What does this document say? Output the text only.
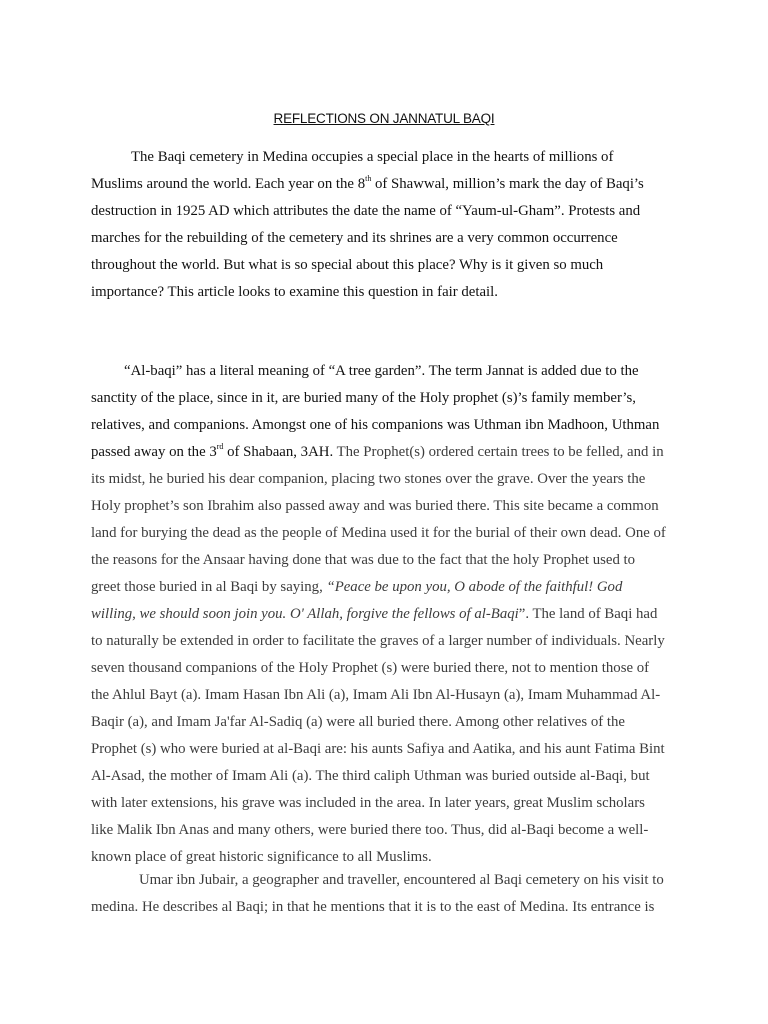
REFLECTIONS ON JANNATUL BAQI
The Baqi cemetery in Medina occupies a special place in the hearts of millions of
Muslims around the world. Each year on the 8th of Shawwal, million’s mark the day of Baqi’s
destruction in 1925 AD which attributes the date the name of “Yaum-ul-Gham”. Protests and
marches for the rebuilding of the cemetery and its shrines are a very common occurrence
throughout the world. But what is so special about this place? Why is it given so much
importance? This article looks to examine this question in fair detail.
“Al-baqi” has a literal meaning of “A tree garden”. The term Jannat is added due to the
sanctity of the place, since in it, are buried many of the Holy prophet (s)’s family member’s,
relatives, and companions. Amongst one of his companions was Uthman ibn Madhoon, Uthman
passed away on the 3rd of Shabaan, 3AH. The Prophet(s) ordered certain trees to be felled, and in
its midst, he buried his dear companion, placing two stones over the grave. Over the years the
Holy prophet’s son Ibrahim also passed away and was buried there. This site became a common
land for burying the dead as the people of Medina used it for the burial of their own dead. One of
the reasons for the Ansaar having done that was due to the fact that the holy Prophet used to
greet those buried in al Baqi by saying, “Peace be upon you, O abode of the faithful! God
willing, we should soon join you. O' Allah, forgive the fellows of al-Baqi”. The land of Baqi had
to naturally be extended in order to facilitate the graves of a larger number of individuals. Nearly
seven thousand companions of the Holy Prophet (s) were buried there, not to mention those of
the Ahlul Bayt (a). Imam Hasan Ibn Ali (a), Imam Ali Ibn Al-Husayn (a), Imam Muhammad Al-
Baqir (a), and Imam Ja'far Al-Sadiq (a) were all buried there. Among other relatives of the
Prophet (s) who were buried at al-Baqi are: his aunts Safiya and Aatika, and his aunt Fatima Bint
Al-Asad, the mother of Imam Ali (a). The third caliph Uthman was buried outside al-Baqi, but
with later extensions, his grave was included in the area. In later years, great Muslim scholars
like Malik Ibn Anas and many others, were buried there too. Thus, did al-Baqi become a well-
known place of great historic significance to all Muslims.
Umar ibn Jubair, a geographer and traveller, encountered al Baqi cemetery on his visit to
medina. He describes al Baqi; in that he mentions that it is to the east of Medina. Its entrance is
